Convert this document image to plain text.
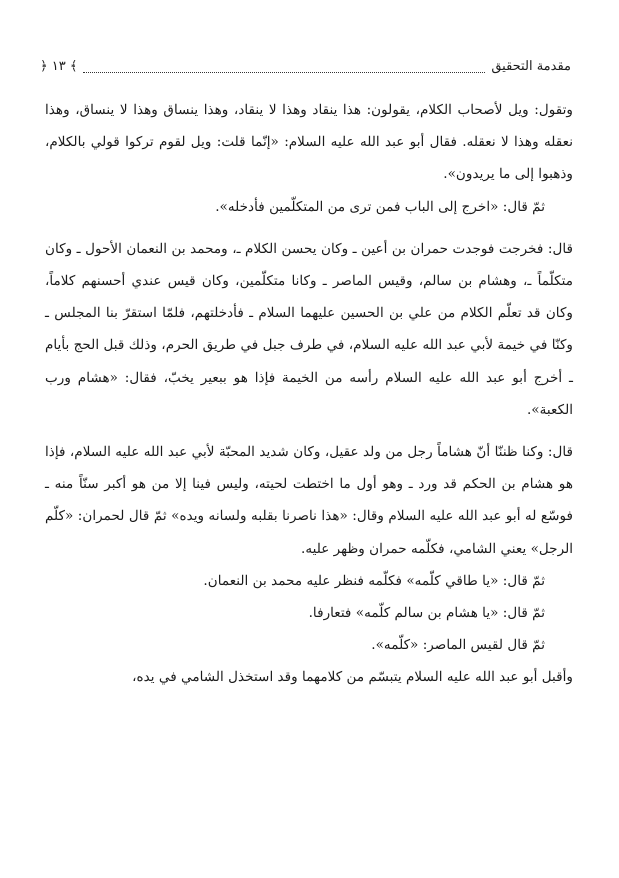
مقدمة التحقيق
﴾ ١٣ ﴿

وتقول: ويل لأصحاب الكلام، يقولون: هذا ينقاد وهذا لا ينقاد، وهذا ينساق وهذا لا ينساق، وهذا نعقله وهذا لا نعقله. فقال أبو عبد الله عليه السلام: «إنّما قلت: ويل لقوم تركوا قولي بالكلام، وذهبوا إلى ما يريدون».

ثمّ قال: «اخرج إلى الباب فمن ترى من المتكلّمين فأدخله».

قال: فخرجت فوجدت حمران بن أعين ـ وكان يحسن الكلام ـ، ومحمد بن النعمان الأحول ـ وكان متكلّماً ـ، وهشام بن سالم، وقيس الماصر ـ وكانا متكلّمين، وكان قيس عندي أحسنهم كلاماً، وكان قد تعلّم الكلام من علي بن الحسين عليهما السلام ـ فأدخلتهم، فلمّا استقرّ بنا المجلس ـ وكنّا في خيمة لأبي عبد الله عليه السلام، في طرف جبل في طريق الحرم، وذلك قبل الحج بأيام ـ أخرج أبو عبد الله عليه السلام رأسه من الخيمة فإذا هو ببعير يخبّ، فقال: «هشام ورب الكعبة».

قال: وكنا ظننّا أنّ هشاماً رجل من ولد عقيل، وكان شديد المحبّة لأبي عبد الله عليه السلام، فإذا هو هشام بن الحكم قد ورد ـ وهو أول ما اختطت لحيته، وليس فينا إلا من هو أكبر سنّاً منه ـ فوسّع له أبو عبد الله عليه السلام وقال: «هذا ناصرنا بقلبه ولسانه ويده» ثمّ قال لحمران: «كلّم الرجل» يعني الشامي، فكلّمه حمران وظهر عليه.

ثمّ قال: «يا طاقي كلّمه» فكلّمه فنظر عليه محمد بن النعمان.

ثمّ قال: «يا هشام بن سالم كلّمه» فتعارفا.

ثمّ قال لقيس الماصر: «كلّمه».

وأقبل أبو عبد الله عليه السلام يتبسّم من كلامهما وقد استخذل الشامي في يده،
